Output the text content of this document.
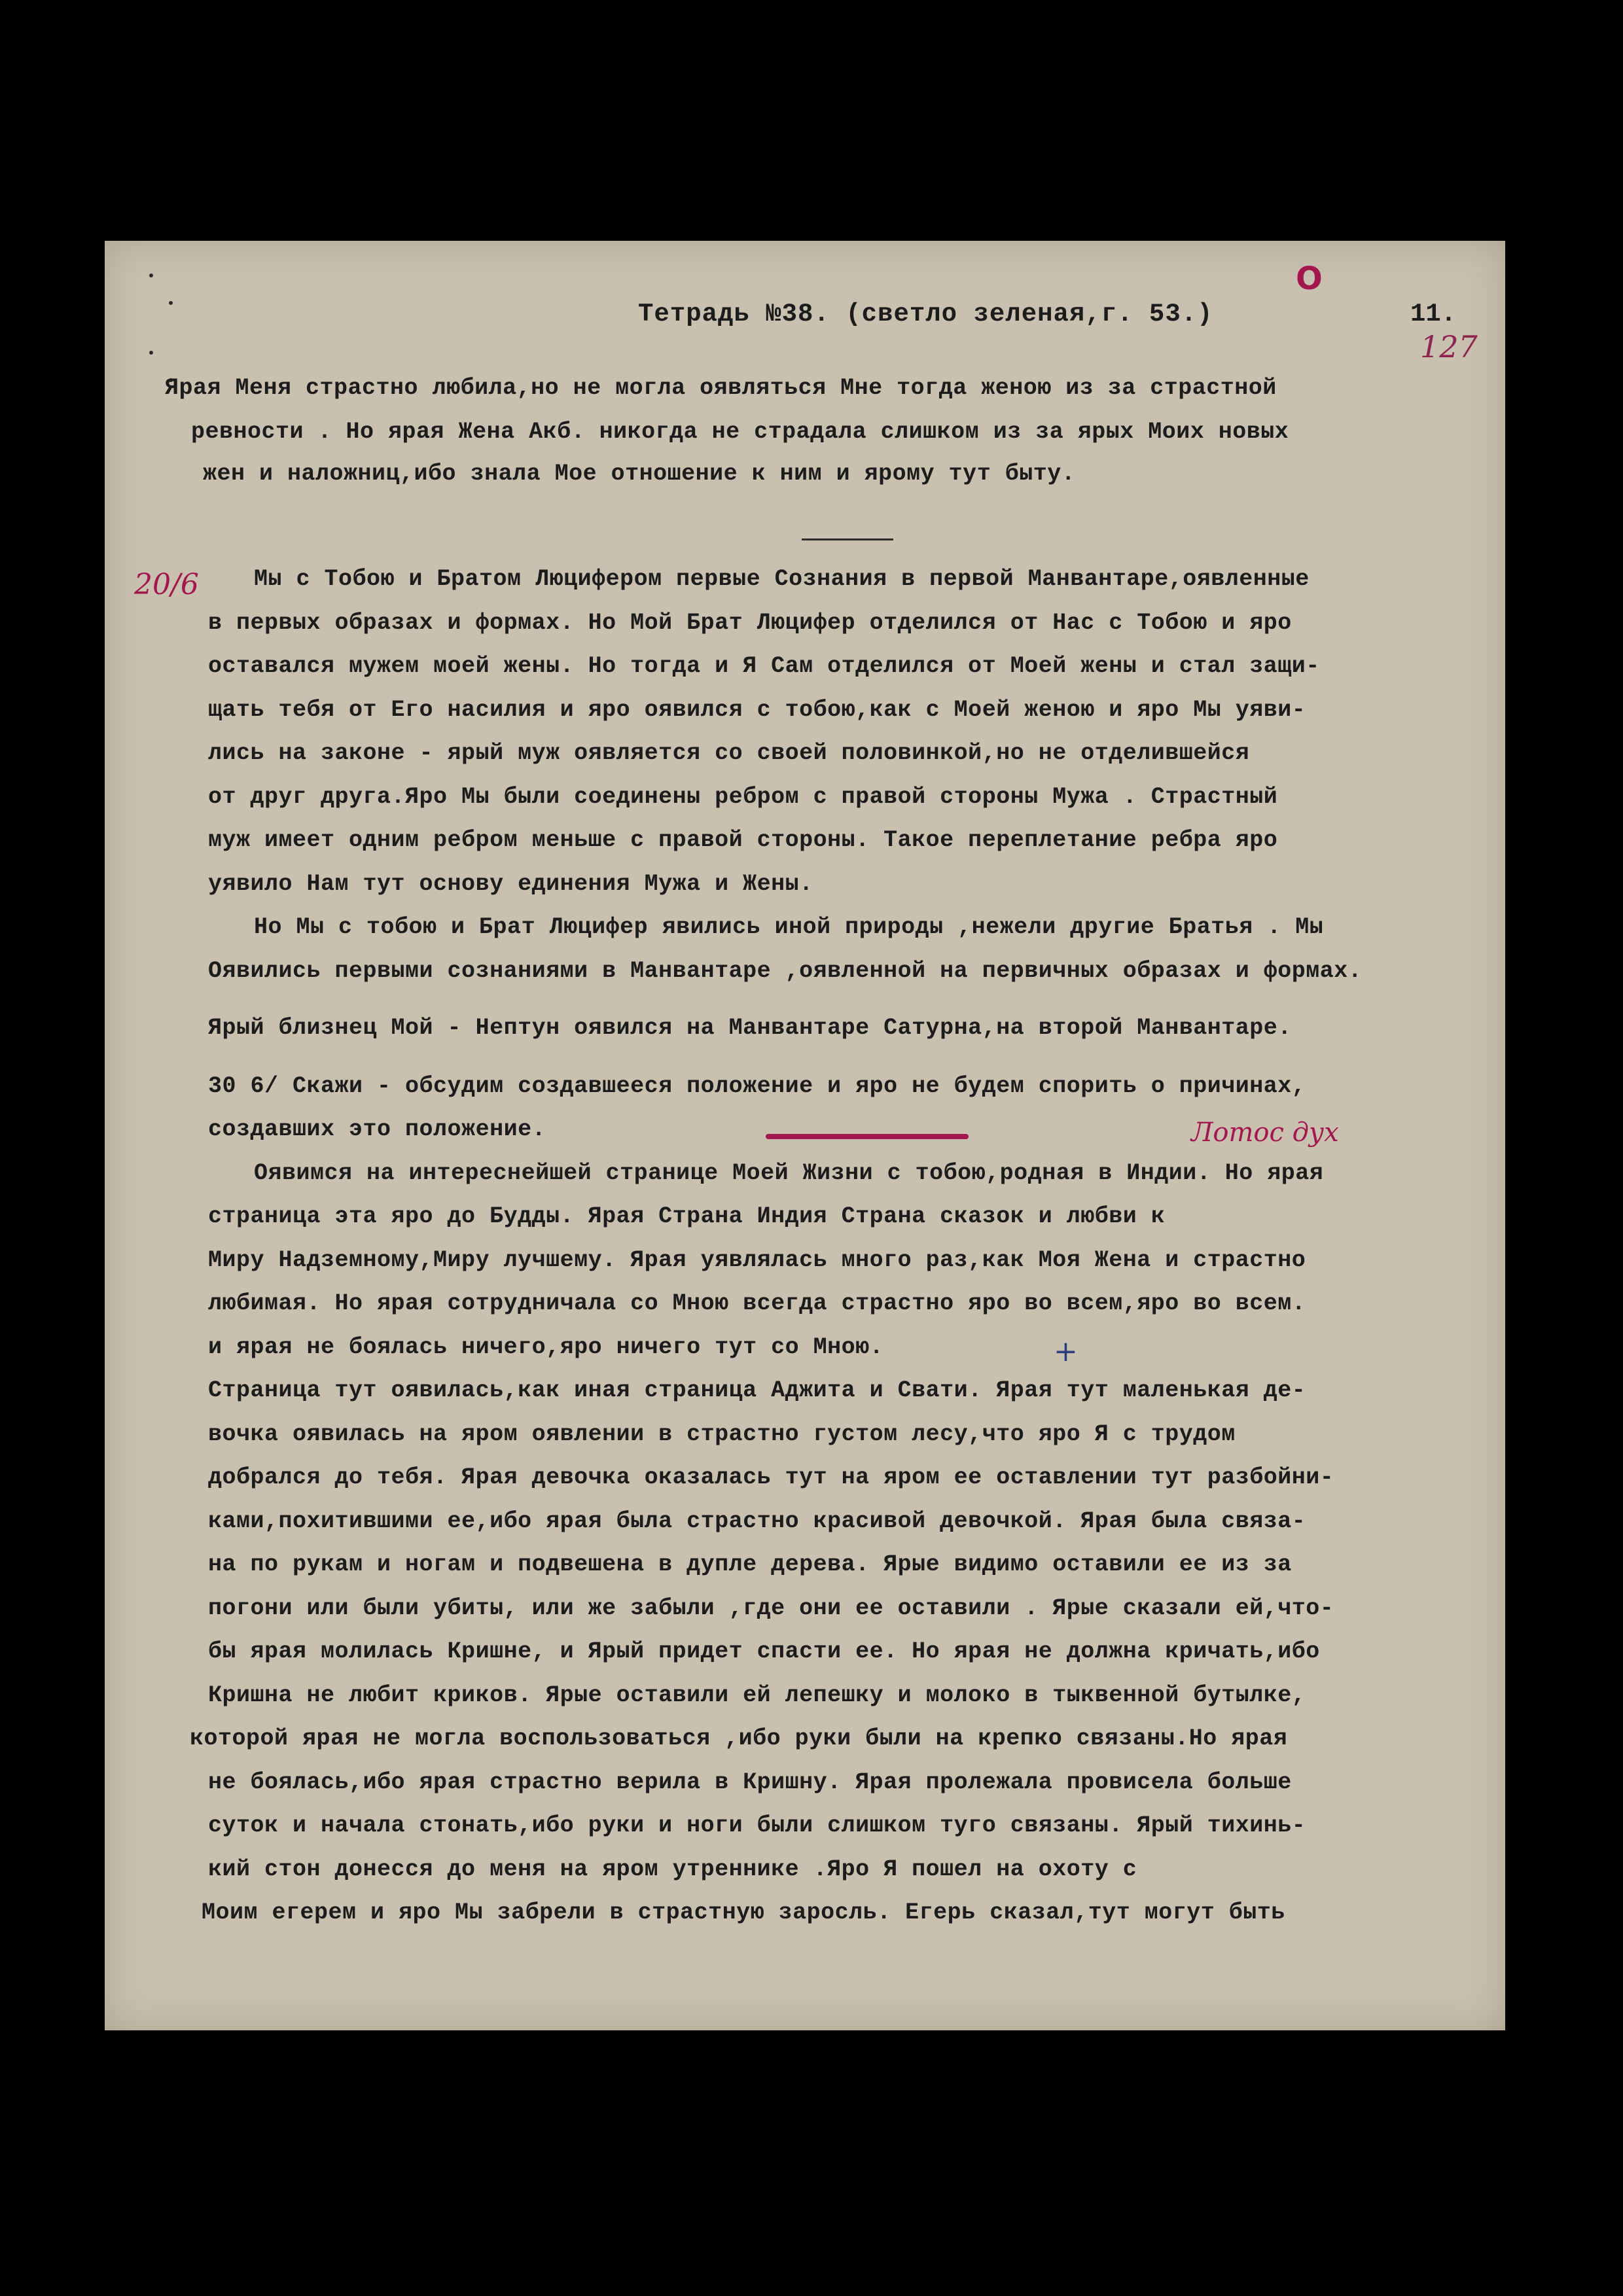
О
Тетрадь №38. (светло зеленая,г. 53.)	11.
127
20/6
Лотос дух
+
Ярая Меня страстно любила,но не могла оявляться Мне тогда женою из за страстной
ревности . Но ярая Жена Акб. никогда не страдала слишком из за ярых Моих новых
жен и наложниц,ибо знала Мое отношение к ним и ярому тут быту.
Мы с Тобою и Братом Люцифером первые Сознания в первой Манвантаре,оявленные
в первых образах и формах. Но Мой Брат Люцифер отделился от Нас с Тобою и яро
оставался мужем моей жены. Но тогда и Я Сам отделился от Моей жены и стал защи-
щать тебя от Его насилия и яро оявился с тобою,как с Моей женою и яро Мы уяви-
лись на законе - ярый муж оявляется со своей половинкой,но не отделившейся
от друг друга.Яро Мы были соединены ребром с правой стороны Мужа . Страстный
муж имеет одним ребром меньше с правой стороны. Такое переплетание ребра яро
уявило Нам тут основу единения Мужа и Жены.
Но Мы с тобою и Брат Люцифер явились иной природы ,нежели другие Братья . Мы
Оявились первыми сознаниями в Манвантаре ,оявленной на первичных образах и формах.
Ярый близнец Мой - Нептун оявился на Манвантаре Сатурна,на второй Манвантаре.
30 6/ Скажи - обсудим создавшееся положение и яро не будем спорить о причинах,
создавших это положение.
Оявимся на интереснейшей странице Моей Жизни с тобою,родная в Индии. Но ярая
страница эта яро до Будды. Ярая Страна Индия Страна сказок и любви к
Миру Надземному,Миру лучшему. Ярая уявлялась много раз,как Моя Жена и страстно
любимая. Но ярая сотрудничала со Мною всегда страстно яро во всем,яро во всем.
и ярая не боялась ничего,яро ничего тут со Мною.
Страница тут оявилась,как иная страница Аджита и Свати. Ярая тут маленькая де-
вочка оявилась на яром оявлении в страстно густом лесу,что яро Я с трудом
добрался до тебя. Ярая девочка оказалась тут на яром ее оставлении тут разбойни-
ками,похитившими ее,ибо ярая была страстно красивой девочкой. Ярая была связа-
на по рукам и ногам и подвешена в дупле дерева. Ярые видимо оставили ее из за
погони или были убиты, или же забыли ,где они ее оставили . Ярые сказали ей,что-
бы ярая молилась Кришне, и Ярый придет спасти ее. Но ярая не должна кричать,ибо
Кришна не любит криков. Ярые оставили ей лепешку и молоко в тыквенной бутылке,
которой ярая не могла воспользоваться ,ибо руки были на крепко связаны.Но ярая
не боялась,ибо ярая страстно верила в Кришну. Ярая пролежала провисела больше
суток и начала стонать,ибо руки и ноги были слишком туго связаны. Ярый тихинь-
кий стон донесся до меня на яром утреннике .Яро Я пошел на охоту с
Моим егерем и яро Мы забрели в страстную заросль. Егерь сказал,тут могут быть
